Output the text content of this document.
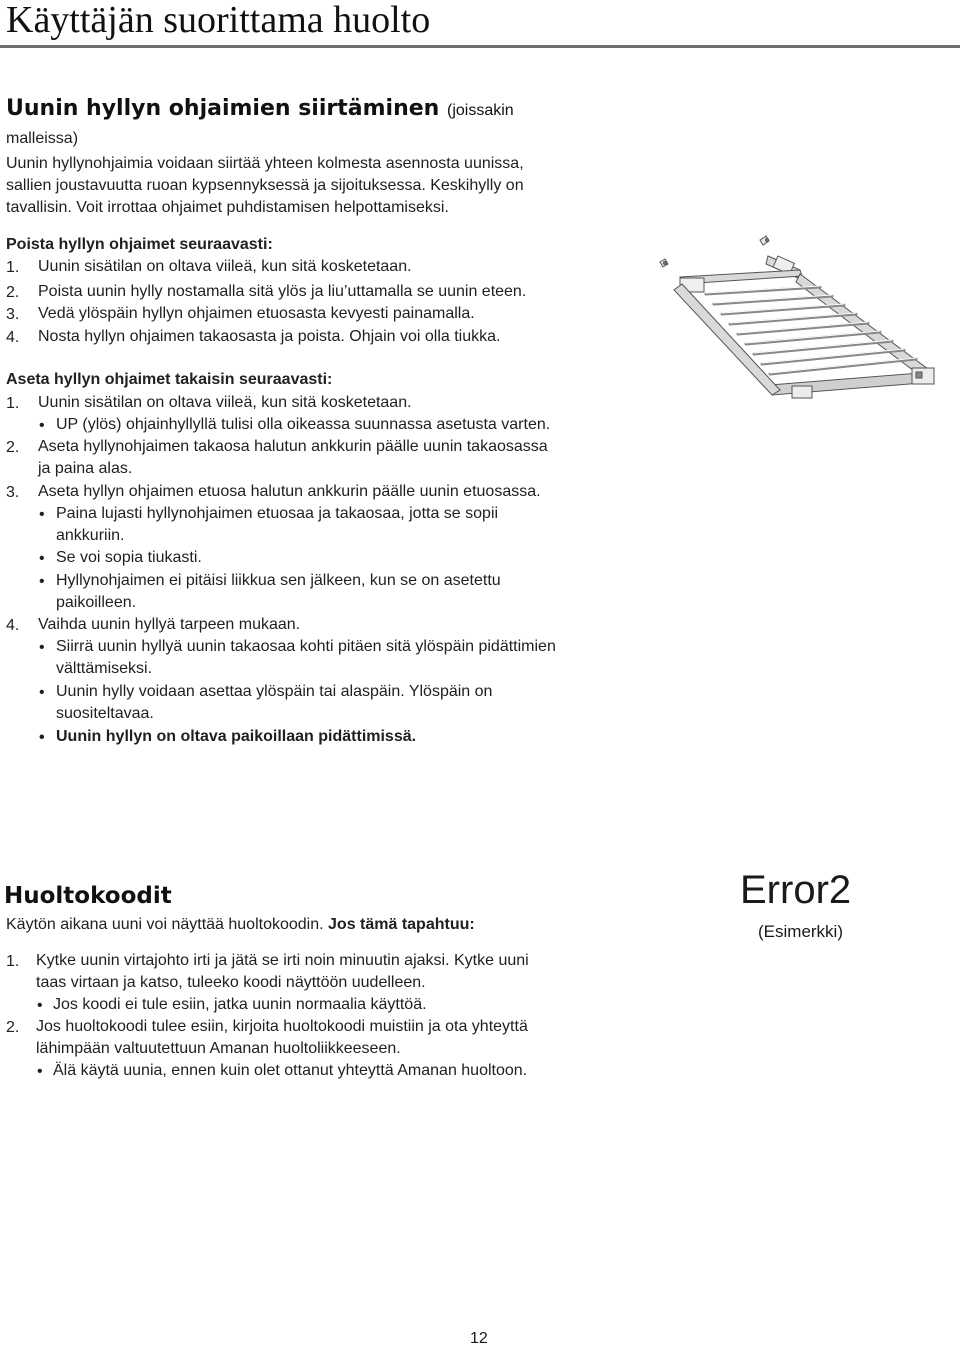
Käyttäjän suorittama huolto
Uunin hyllyn ohjaimien siirtäminen (joissakin
malleissa)
Uunin hyllynohjaimia voidaan siirtää yhteen kolmesta asennosta uunissa,
sallien joustavuutta ruoan kypsennyksessä ja sijoituksessa. Keskihylly on
tavallisin. Voit irrottaa ohjaimet puhdistamisen helpottamiseksi.
Poista hyllyn ohjaimet seuraavasti:
1. Uunin sisätilan on oltava viileä, kun sitä kosketetaan.
2. Poista uunin hylly nostamalla sitä ylös ja liu’uttamalla se uunin eteen.
3. Vedä ylöspäin hyllyn ohjaimen etuosasta kevyesti painamalla.
4. Nosta hyllyn ohjaimen takaosasta ja poista. Ohjain voi olla tiukka.
Aseta hyllyn ohjaimet takaisin seuraavasti:
1. Uunin sisätilan on oltava viileä, kun sitä kosketetaan.
• UP (ylös) ohjainhyllyllä tulisi olla oikeassa suunnassa asetusta varten.
2. Aseta hyllynohjaimen takaosa halutun ankkurin päälle uunin takaosassa
ja paina alas.
3. Aseta hyllyn ohjaimen etuosa halutun ankkurin päälle uunin etuosassa.
• Paina lujasti hyllynohjaimen etuosaa ja takaosaa, jotta se sopii
ankkuriin.
• Se voi sopia tiukasti.
• Hyllynohjaimen ei pitäisi liikkua sen jälkeen, kun se on asetettu
paikoilleen.
4. Vaihda uunin hyllyä tarpeen mukaan.
• Siirrä uunin hyllyä uunin takaosaa kohti pitäen sitä ylöspäin pidättimien
välttämiseksi.
• Uunin hylly voidaan asettaa ylöspäin tai alaspäin. Ylöspäin on
suositeltavaa.
• Uunin hyllyn on oltava paikoillaan pidättimissä.
Huoltokoodit
Käytön aikana uuni voi näyttää huoltokoodin. Jos tämä tapahtuu:
1. Kytke uunin virtajohto irti ja jätä se irti noin minuutin ajaksi. Kytke uuni
taas virtaan ja katso, tuleeko koodi näyttöön uudelleen.
• Jos koodi ei tule esiin, jatka uunin normaalia käyttöä.
2. Jos huoltokoodi tulee esiin, kirjoita huoltokoodi muistiin ja ota yhteyttä
lähimpään valtuutettuun Amanan huoltoliikkeeseen.
• Älä käytä uunia, ennen kuin olet ottanut yhteyttä Amanan huoltoon.
Error2
(Esimerkki)
12
